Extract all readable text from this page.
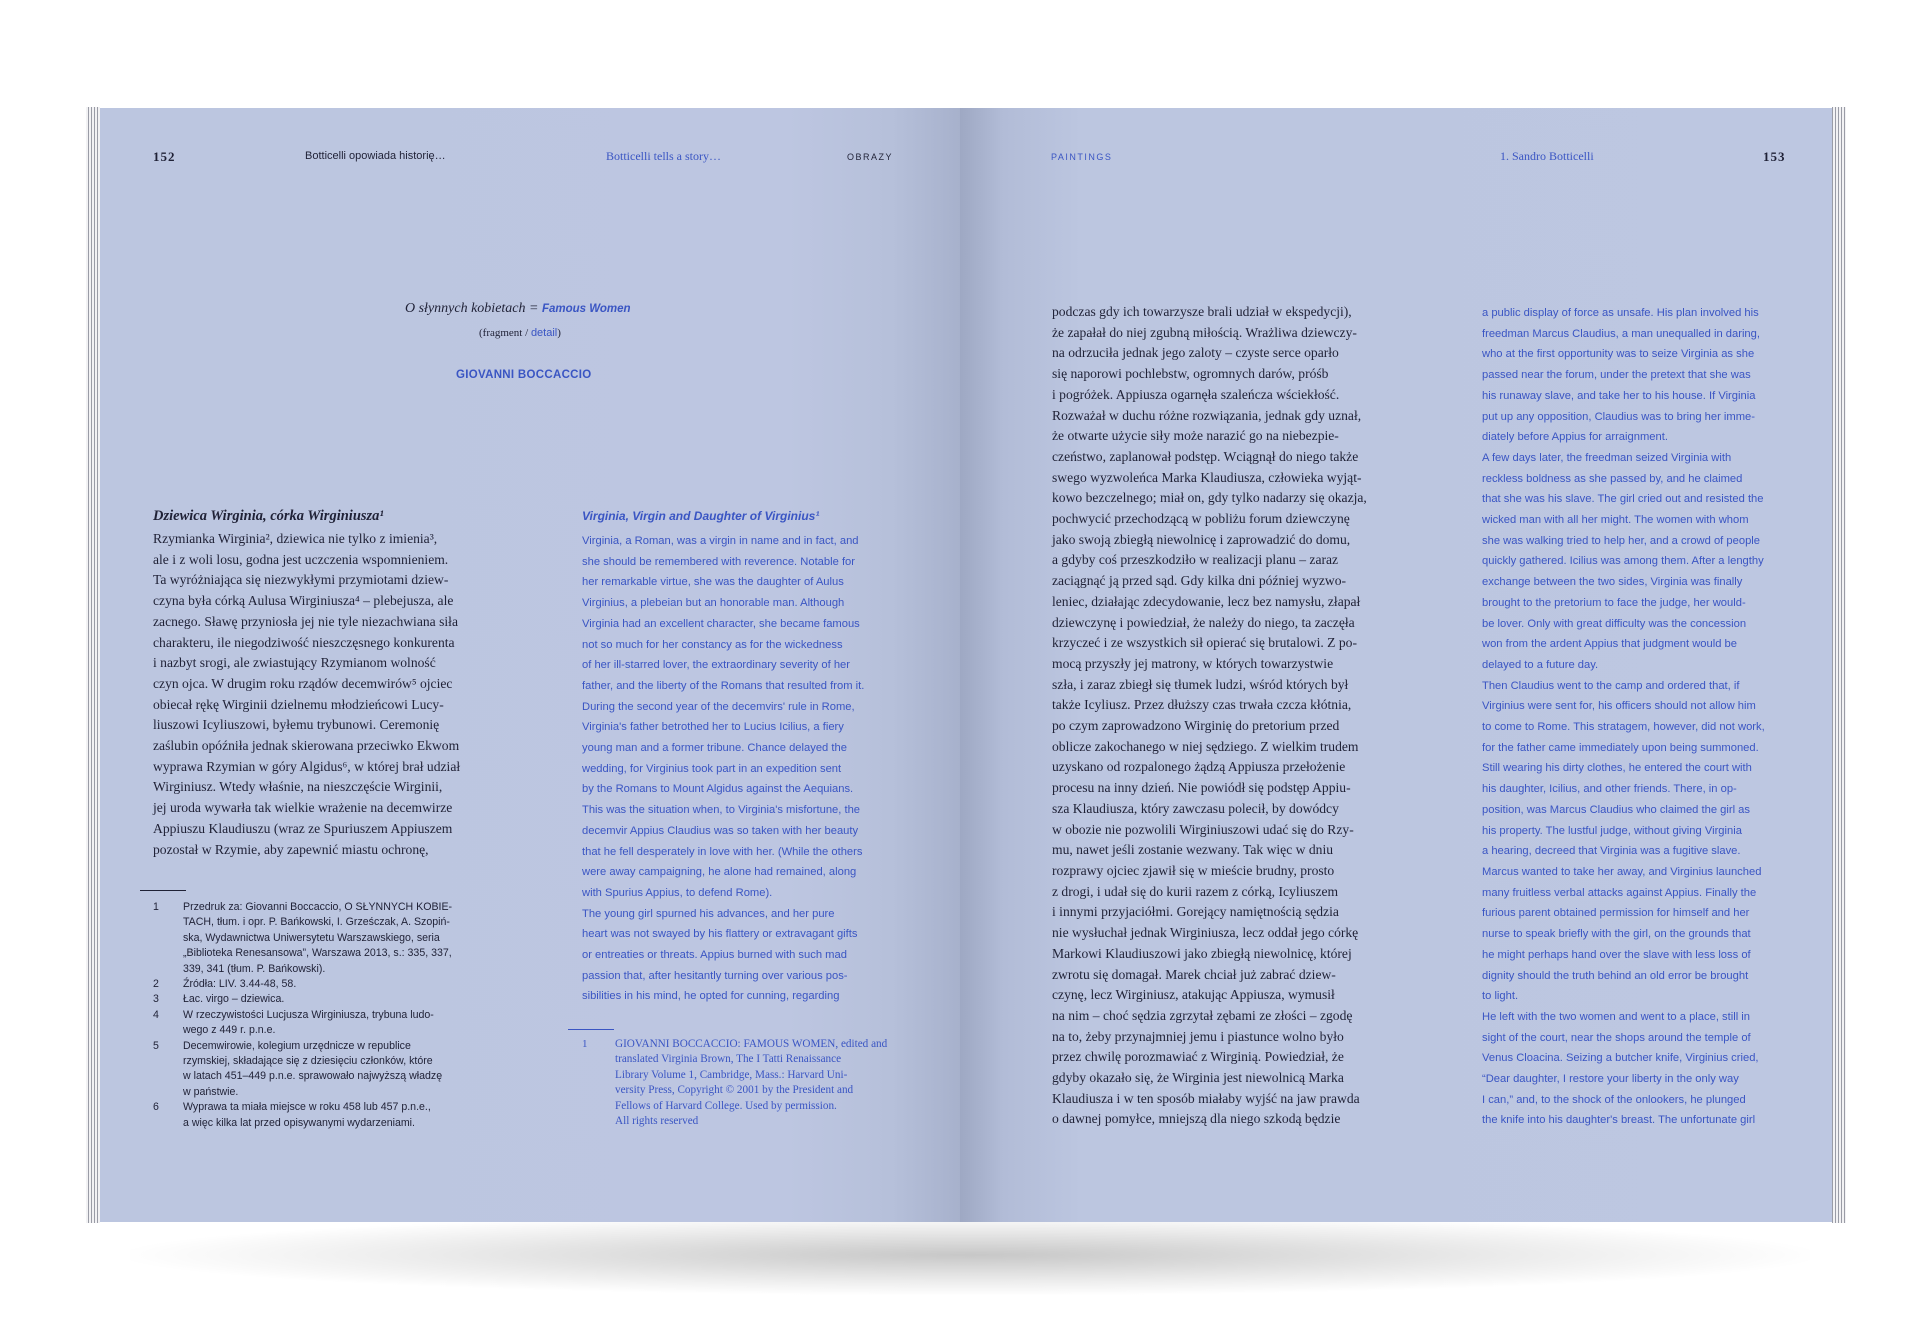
152	Botticelli opowiada historię…	Botticelli tells a story…	OBRAZY
O słynnych kobietach = Famous Women
(fragment / detail)
GIOVANNI BOCCACCIO
Dziewica Wirginia, córka Wirginiusza¹
Rzymianka Wirginia², dziewica nie tylko z imienia³,
ale i z woli losu, godna jest uczczenia wspomnieniem.
Ta wyróżniająca się niezwykłymi przymiotami dziew-
czyna była córką Aulusa Wirginiusza⁴ – plebejusza, ale
zacnego. Sławę przyniosła jej nie tyle niezachwiana siła
charakteru, ile niegodziwość nieszczęsnego konkurenta
i nazbyt srogi, ale zwiastujący Rzymianom wolność
czyn ojca. W drugim roku rządów decemwirów⁵ ojciec
obiecał rękę Wirginii dzielnemu młodzieńcowi Lucy-
liuszowi Icyliuszowi, byłemu trybunowi. Ceremonię
zaślubin opóźniła jednak skierowana przeciwko Ekwom
wyprawa Rzymian w góry Algidus⁶, w której brał udział
Wirginiusz. Wtedy właśnie, na nieszczęście Wirginii,
jej uroda wywarła tak wielkie wrażenie na decemwirze
Appiuszu Klaudiuszu (wraz ze Spuriuszem Appiuszem
pozostał w Rzymie, aby zapewnić miastu ochronę,
1	Przedruk za: Giovanni Boccaccio, O SŁYNNYCH KOBIE-
TACH, tłum. i opr. P. Bańkowski, I. Grześczak, A. Szopiń-
ska, Wydawnictwa Uniwersytetu Warszawskiego, seria
„Biblioteka Renesansowa”, Warszawa 2013, s.: 335, 337,
339, 341 (tłum. P. Bańkowski).
2	Źródła: LIV. 3.44-48, 58.
3	Łac. virgo – dziewica.
4	W rzeczywistości Lucjusza Wirginiusza, trybuna ludo-
wego z 449 r. p.n.e.
5	Decemwirowie, kolegium urzędnicze w republice
rzymskiej, składające się z dziesięciu członków, które
w latach 451–449 p.n.e. sprawowało najwyższą władzę
w państwie.
6	Wyprawa ta miała miejsce w roku 458 lub 457 p.n.e.,
a więc kilka lat przed opisywanymi wydarzeniami.
Virginia, Virgin and Daughter of Virginius¹
Virginia, a Roman, was a virgin in name and in fact, and
she should be remembered with reverence. Notable for
her remarkable virtue, she was the daughter of Aulus
Virginius, a plebeian but an honorable man. Although
Virginia had an excellent character, she became famous
not so much for her constancy as for the wickedness
of her ill-starred lover, the extraordinary severity of her
father, and the liberty of the Romans that resulted from it.
During the second year of the decemvirs' rule in Rome,
Virginia's father betrothed her to Lucius Icilius, a fiery
young man and a former tribune. Chance delayed the
wedding, for Virginius took part in an expedition sent
by the Romans to Mount Algidus against the Aequians.
This was the situation when, to Virginia's misfortune, the
decemvir Appius Claudius was so taken with her beauty
that he fell desperately in love with her. (While the others
were away campaigning, he alone had remained, along
with Spurius Appius, to defend Rome).
The young girl spurned his advances, and her pure
heart was not swayed by his flattery or extravagant gifts
or entreaties or threats. Appius burned with such mad
passion that, after hesitantly turning over various pos-
sibilities in his mind, he opted for cunning, regarding
1 GIOVANNI BOCCACCIO: FAMOUS WOMEN, edited and
translated Virginia Brown, The I Tatti Renaissance
Library Volume 1, Cambridge, Mass.: Harvard Uni-
versity Press, Copyright © 2001 by the President and
Fellows of Harvard College. Used by permission.
All rights reserved
PAINTINGS	1. Sandro Botticelli	153
podczas gdy ich towarzysze brali udział w ekspedycji),
że zapałał do niej zgubną miłością. Wrażliwa dziewczy-
na odrzuciła jednak jego zaloty – czyste serce oparło
się naporowi pochlebstw, ogromnych darów, próśb
i pogróżek. Appiusza ogarnęła szaleńcza wściekłość.
Rozważał w duchu różne rozwiązania, jednak gdy uznał,
że otwarte użycie siły może narazić go na niebezpie-
czeństwo, zaplanował podstęp. Wciągnął do niego także
swego wyzwoleńca Marka Klaudiusza, człowieka wyjąt-
kowo bezczelnego; miał on, gdy tylko nadarzy się okazja,
pochwycić przechodzącą w pobliżu forum dziewczynę
jako swoją zbiegłą niewolnicę i zaprowadzić do domu,
a gdyby coś przeszkodziło w realizacji planu – zaraz
zaciągnąć ją przed sąd. Gdy kilka dni później wyzwo-
leniec, działając zdecydowanie, lecz bez namysłu, złapał
dziewczynę i powiedział, że należy do niego, ta zaczęła
krzyczeć i ze wszystkich sił opierać się brutalowi. Z po-
mocą przyszły jej matrony, w których towarzystwie
szła, i zaraz zbiegł się tłumek ludzi, wśród których był
także Icyliusz. Przez dłuższy czas trwała czcza kłótnia,
po czym zaprowadzono Wirginię do pretorium przed
oblicze zakochanego w niej sędziego. Z wielkim trudem
uzyskano od rozpalonego żądzą Appiusza przełożenie
procesu na inny dzień. Nie powiódł się podstęp Appiu-
sza Klaudiusza, który zawczasu polecił, by dowódcy
w obozie nie pozwolili Wirginiuszowi udać się do Rzy-
mu, nawet jeśli zostanie wezwany. Tak więc w dniu
rozprawy ojciec zjawił się w mieście brudny, prosto
z drogi, i udał się do kurii razem z córką, Icyliuszem
i innymi przyjaciółmi. Gorejący namiętnością sędzia
nie wysłuchał jednak Wirginiusza, lecz oddał jego córkę
Markowi Klaudiuszowi jako zbiegłą niewolnicę, której
zwrotu się domagał. Marek chciał już zabrać dziew-
czynę, lecz Wirginiusz, atakując Appiusza, wymusił
na nim – choć sędzia zgrzytał zębami ze złości – zgodę
na to, żeby przynajmniej jemu i piastunce wolno było
przez chwilę porozmawiać z Wirginią. Powiedział, że
gdyby okazało się, że Wirginia jest niewolnicą Marka
Klaudiusza i w ten sposób miałaby wyjść na jaw prawda
o dawnej pomyłce, mniejszą dla niego szkodą będzie
a public display of force as unsafe. His plan involved his
freedman Marcus Claudius, a man unequalled in daring,
who at the first opportunity was to seize Virginia as she
passed near the forum, under the pretext that she was
his runaway slave, and take her to his house. If Virginia
put up any opposition, Claudius was to bring her imme-
diately before Appius for arraignment.
A few days later, the freedman seized Virginia with
reckless boldness as she passed by, and he claimed
that she was his slave. The girl cried out and resisted the
wicked man with all her might. The women with whom
she was walking tried to help her, and a crowd of people
quickly gathered. Icilius was among them. After a lengthy
exchange between the two sides, Virginia was finally
brought to the pretorium to face the judge, her would-
be lover. Only with great difficulty was the concession
won from the ardent Appius that judgment would be
delayed to a future day.
Then Claudius went to the camp and ordered that, if
Virginius were sent for, his officers should not allow him
to come to Rome. This stratagem, however, did not work,
for the father came immediately upon being summoned.
Still wearing his dirty clothes, he entered the court with
his daughter, Icilius, and other friends. There, in op-
position, was Marcus Claudius who claimed the girl as
his property. The lustful judge, without giving Virginia
a hearing, decreed that Virginia was a fugitive slave.
Marcus wanted to take her away, and Virginius launched
many fruitless verbal attacks against Appius. Finally the
furious parent obtained permission for himself and her
nurse to speak briefly with the girl, on the grounds that
he might perhaps hand over the slave with less loss of
dignity should the truth behind an old error be brought
to light.
He left with the two women and went to a place, still in
sight of the court, near the shops around the temple of
Venus Cloacina. Seizing a butcher knife, Virginius cried,
“Dear daughter, I restore your liberty in the only way
I can,” and, to the shock of the onlookers, he plunged
the knife into his daughter's breast. The unfortunate girl
